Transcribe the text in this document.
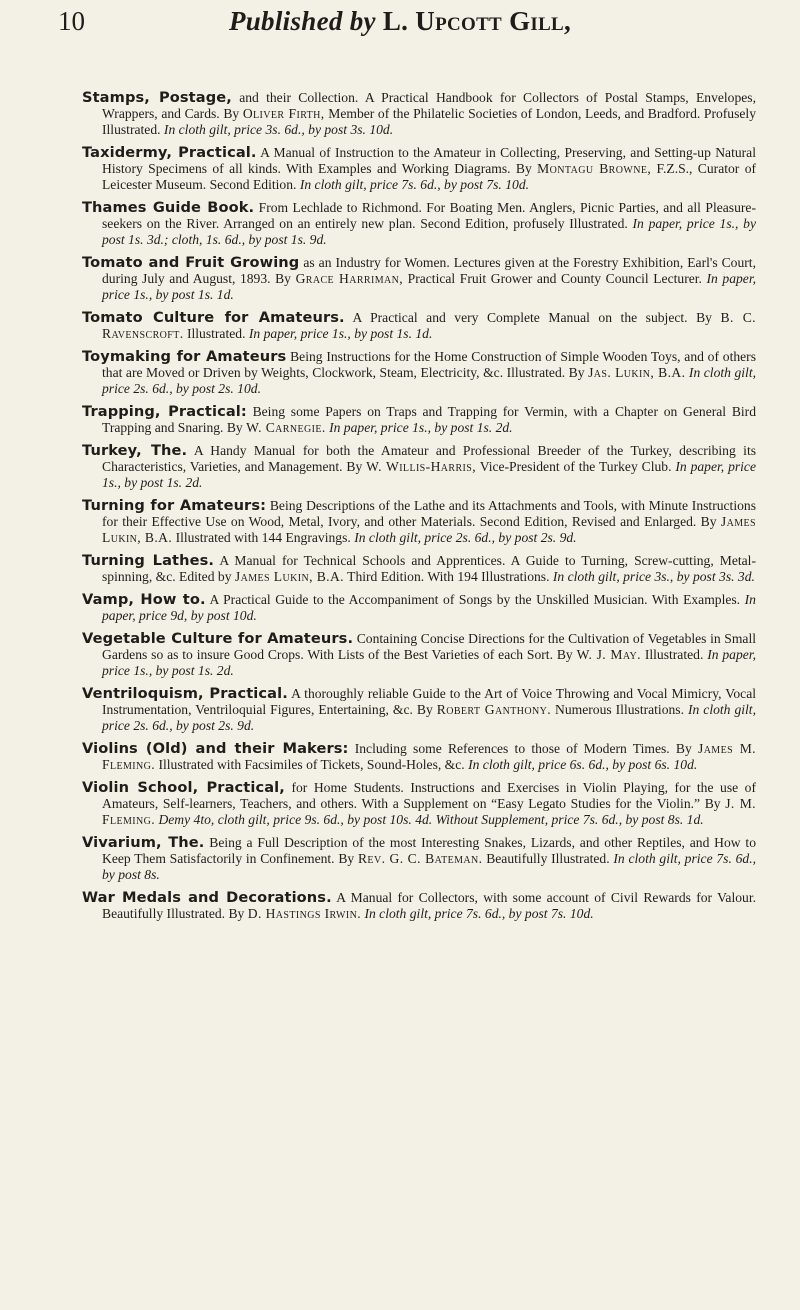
10	Published by L. Upcott Gill,

Stamps, Postage, and their Collection. A Practical Handbook for Collectors of Postal Stamps, Envelopes, Wrappers, and Cards. By Oliver Firth, Member of the Philatelic Societies of London, Leeds, and Bradford. Profusely Illustrated. In cloth gilt, price 3s. 6d., by post 3s. 10d.

Taxidermy, Practical. A Manual of Instruction to the Amateur in Collecting, Preserving, and Setting-up Natural History Specimens of all kinds. With Examples and Working Diagrams. By Montagu Browne, F.Z.S., Curator of Leicester Museum. Second Edition. In cloth gilt, price 7s. 6d., by post 7s. 10d.

Thames Guide Book. From Lechlade to Richmond. For Boating Men. Anglers, Picnic Parties, and all Pleasure-seekers on the River. Arranged on an entirely new plan. Second Edition, profusely Illustrated. In paper, price 1s., by post 1s. 3d.; cloth, 1s. 6d., by post 1s. 9d.

Tomato and Fruit Growing as an Industry for Women. Lectures given at the Forestry Exhibition, Earl's Court, during July and August, 1893. By Grace Harriman, Practical Fruit Grower and County Council Lecturer. In paper, price 1s., by post 1s. 1d.

Tomato Culture for Amateurs. A Practical and very Complete Manual on the subject. By B. C. Ravenscroft. Illustrated. In paper, price 1s., by post 1s. 1d.

Toymaking for Amateurs Being Instructions for the Home Construction of Simple Wooden Toys, and of others that are Moved or Driven by Weights, Clockwork, Steam, Electricity, &c. Illustrated. By Jas. Lukin, B.A. In cloth gilt, price 2s. 6d., by post 2s. 10d.

Trapping, Practical: Being some Papers on Traps and Trapping for Vermin, with a Chapter on General Bird Trapping and Snaring. By W. Carnegie. In paper, price 1s., by post 1s. 2d.

Turkey, The. A Handy Manual for both the Amateur and Professional Breeder of the Turkey, describing its Characteristics, Varieties, and Management. By W. Willis-Harris, Vice-President of the Turkey Club. In paper, price 1s., by post 1s. 2d.

Turning for Amateurs: Being Descriptions of the Lathe and its Attachments and Tools, with Minute Instructions for their Effective Use on Wood, Metal, Ivory, and other Materials. Second Edition, Revised and Enlarged. By James Lukin, B.A. Illustrated with 144 Engravings. In cloth gilt, price 2s. 6d., by post 2s. 9d.

Turning Lathes. A Manual for Technical Schools and Apprentices. A Guide to Turning, Screw-cutting, Metal-spinning, &c. Edited by James Lukin, B.A. Third Edition. With 194 Illustrations. In cloth gilt, price 3s., by post 3s. 3d.

Vamp, How to. A Practical Guide to the Accompaniment of Songs by the Unskilled Musician. With Examples. In paper, price 9d, by post 10d.

Vegetable Culture for Amateurs. Containing Concise Directions for the Cultivation of Vegetables in Small Gardens so as to insure Good Crops. With Lists of the Best Varieties of each Sort. By W. J. May. Illustrated. In paper, price 1s., by post 1s. 2d.

Ventriloquism, Practical. A thoroughly reliable Guide to the Art of Voice Throwing and Vocal Mimicry, Vocal Instrumentation, Ventriloquial Figures, Entertaining, &c. By Robert Ganthony. Numerous Illustrations. In cloth gilt, price 2s. 6d., by post 2s. 9d.

Violins (Old) and their Makers: Including some References to those of Modern Times. By James M. Fleming. Illustrated with Facsimiles of Tickets, Sound-Holes, &c. In cloth gilt, price 6s. 6d., by post 6s. 10d.

Violin School, Practical, for Home Students. Instructions and Exercises in Violin Playing, for the use of Amateurs, Self-learners, Teachers, and others. With a Supplement on “Easy Legato Studies for the Violin.” By J. M. Fleming. Demy 4to, cloth gilt, price 9s. 6d., by post 10s. 4d. Without Supplement, price 7s. 6d., by post 8s. 1d.

Vivarium, The. Being a Full Description of the most Interesting Snakes, Lizards, and other Reptiles, and How to Keep Them Satisfactorily in Confinement. By Rev. G. C. Bateman. Beautifully Illustrated. In cloth gilt, price 7s. 6d., by post 8s.

War Medals and Decorations. A Manual for Collectors, with some account of Civil Rewards for Valour. Beautifully Illustrated. By D. Hastings Irwin. In cloth gilt, price 7s. 6d., by post 7s. 10d.
